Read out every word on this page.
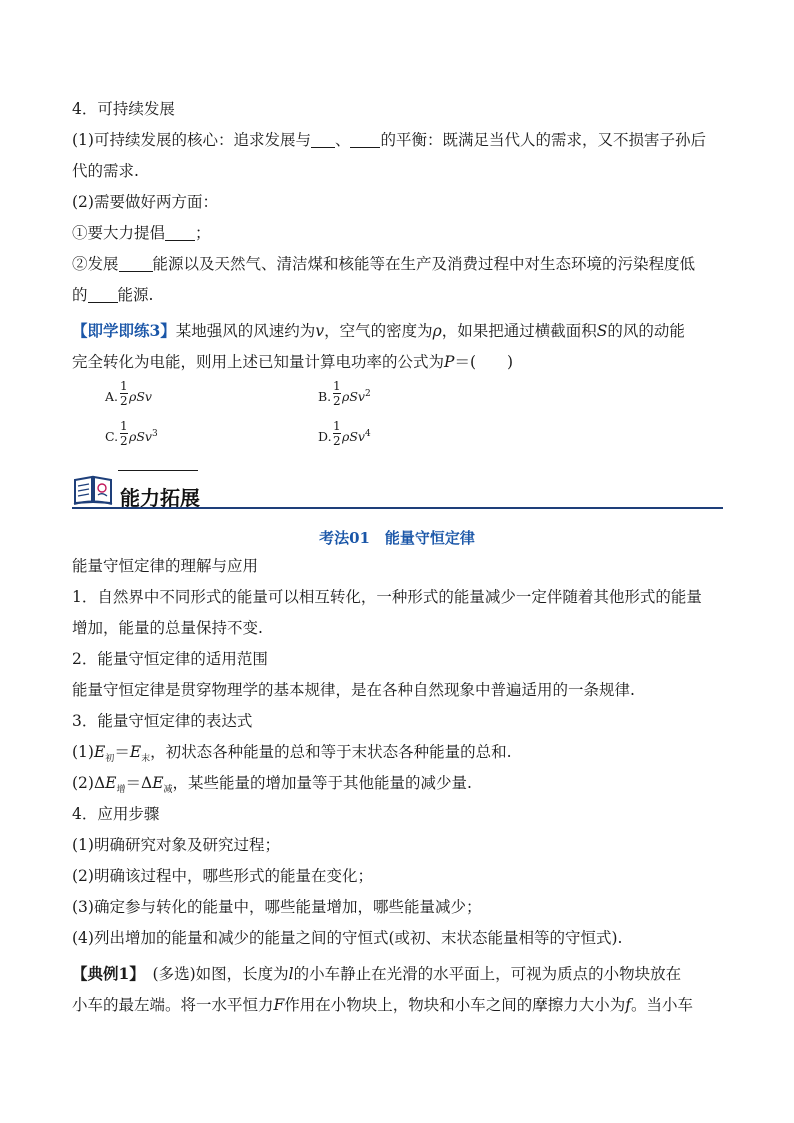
4．可持续发展
(1)可持续发展的核心：追求发展与 、 的平衡：既满足当代人的需求，又不损害子孙后
代的需求.
(2)需要做好两方面：
①要大力提倡 ；
②发展 能源以及天然气、清洁煤和核能等在生产及消费过程中对生态环境的污染程度低
的 能源.
【即学即练3】某地强风的风速约为v，空气的密度为ρ，如果把通过横截面积S的风的动能
完全转化为电能，则用上述已知量计算电功率的公式为P＝(　　)
A.
1
2 ρSv	B.
1
2 ρSv$^2$
C.
1
2 ρSv$^3$	D.
1
2 ρSv$^4$
能力拓展
考法01　能量守恒定律
能量守恒定律的理解与应用
1．自然界中不同形式的能量可以相互转化，一种形式的能量减少一定伴随着其他形式的能量
增加，能量的总量保持不变.
2．能量守恒定律的适用范围
能量守恒定律是贯穿物理学的基本规律，是在各种自然现象中普遍适用的一条规律.
3．能量守恒定律的表达式
$(1)E_初=E_末$，初状态各种能量的总和等于末状态各种能量的总和.
$(2)\Delta E_增=\Delta E_减$，某些能量的增加量等于其他能量的减少量.
4．应用步骤
(1)明确研究对象及研究过程；
(2)明确该过程中，哪些形式的能量在变化；
(3)确定参与转化的能量中，哪些能量增加，哪些能量减少；
(4)列出增加的能量和减少的能量之间的守恒式(或初、末状态能量相等的守恒式).
【典例1】　(多选)如图，长度为l的小车静止在光滑的水平面上，可视为质点的小物块放在
小车的最左端。将一水平恒力F作用在小物块上，物块和小车之间的摩擦力大小为f。当小车
